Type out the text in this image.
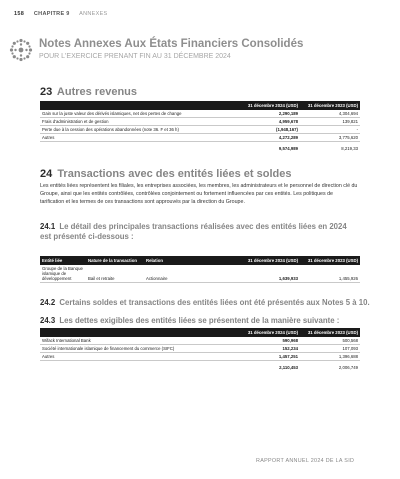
158 CHAPITRE 9 ANNEXES
Notes Annexes Aux États Financiers Consolidés
POUR L'EXERCICE PRENANT FIN AU 31 DÉCEMBRE 2024
23 Autres revenus
	31 décembre 2024 (USD)	31 décembre 2023 (USD)
Gain sur la juste valeur des dérivés islamiques, net des pertes de change	2,290,189	4,304,694
Frais d'administration et de gestion	4,959,678	139,821
Perte due à la cession des opérations abandonnées (note 36. F et 36 h)	(1,948,167)	-
Autres	4,272,289	3,775,620
	9,574,989	8,219,33
24 Transactions avec des entités liées et soldes
Les entités liées représentent les filiales, les entreprises associées, les membres, les administrateurs et le personnel de direction clé du Groupe, ainsi que les entités contrôlées, contrôlées conjointement ou fortement influencées par ces entités. Les politiques de tarification et les termes de ces transactions sont approuvés par la direction du Groupe.
24.1 Le détail des principales transactions réalisées avec des entités liées en 2024 est présenté ci-dessous :
Entité liée	Nature de la transaction	Relation	31 décembre 2024 (USD)	31 décembre 2023 (USD)
Groupe de la Banque islamique de développement	Bail et retraite	Actionnaire	1,639,933	1,455,926
24.2 Certains soldes et transactions des entités liées ont été présentés aux Notes 5 à 10.
24.3 Les dettes exigibles des entités liées se présentent de la manière suivante :
	31 décembre 2024 (USD)	31 décembre 2023 (USD)
Wifack International Bank	590,968	500,568
Société internationale islamique de financement du commerce (SIFC)	152,234	107,093
Autres	1,457,251	1,396,688
	2,110,453	2,006,749
RAPPORT ANNUEL 2024 DE LA SID
